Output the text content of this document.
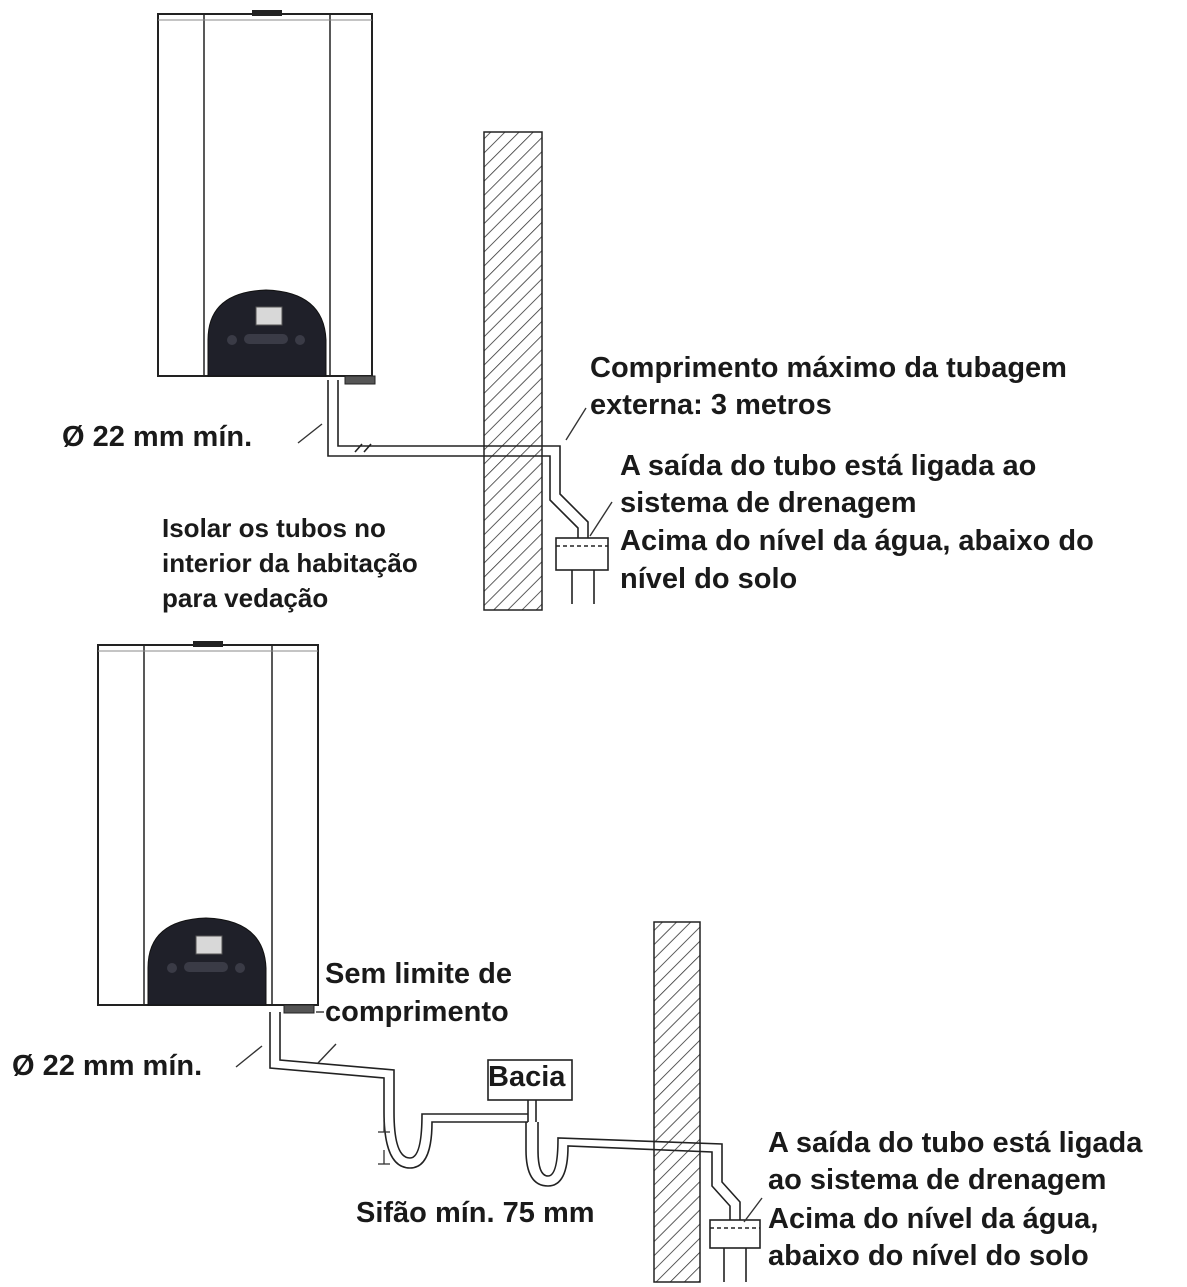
Ø 22 mm mín.
Comprimento máximo da tubagem
externa: 3 metros
A saída do tubo está ligada ao
sistema de drenagem
Acima do nível da água, abaixo do
nível do solo
Isolar os tubos no
interior da habitação
para vedação
Sem limite de
comprimento
Ø 22 mm mín.	Bacia
Sifão mín. 75 mm
A saída do tubo está ligada
ao sistema de drenagem
Acima do nível da água,
abaixo do nível do solo
